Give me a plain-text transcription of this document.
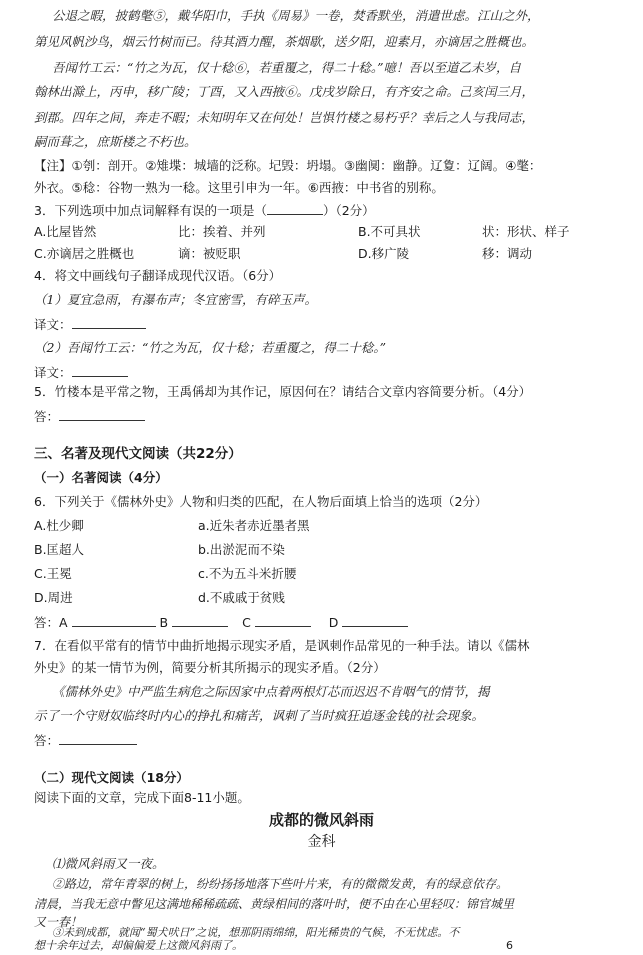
公退之暇，披鹤氅⑤，戴华阳巾，手执《周易》一卷，焚香默坐，消遣世虑。江山之外，
第见风帆沙鸟，烟云竹树而已。待其酒力醒，茶烟歇，送夕阳，迎素月，亦谪居之胜概也。
吾闻竹工云：“竹之为瓦，仅十稔⑥，若重覆之，得二十稔。”噫！吾以至道乙未岁，自
翰林出滁上，丙申，移广陵；丁酉，又入西掖⑥。戊戌岁除日，有齐安之命。己亥闰三月，
到郡。四年之间，奔走不暇；未知明年又在何处！岂惧竹楼之易朽乎？幸后之人与我同志，
嗣而葺之，庶斯楼之不朽也。
【注】①刳：剖开。②雉堞：城墙的泛称。圮毁：坍塌。③幽阒：幽静。辽夐：辽阔。④氅：
外衣。⑤稔：谷物一熟为一稔。这里引申为一年。⑥西掖：中书省的别称。
3．下列选项中加点词解释有误的一项是（	）（2分）
A.比屋皆然	比：挨着、并列	B.不可具状	状：形状、样子
C.亦谪居之胜概也	谪：被贬职	D.移广陵	移：调动
4．将文中画线句子翻译成现代汉语。（6分）
（1）夏宜急雨，有瀑布声；冬宜密雪，有碎玉声。
译文：
（2）吾闻竹工云：“竹之为瓦，仅十稔；若重覆之，得二十稔。”
译文：
5．竹楼本是平常之物，王禹偁却为其作记，原因何在？请结合文章内容简要分析。（4分）
答：
三、名著及现代文阅读（共22分）
（一）名著阅读（4分）
6．下列关于《儒林外史》人物和归类的匹配，在人物后面填上恰当的选项（2分）
A.杜少卿	a.近朱者赤近墨者黑
B.匡超人	b.出淤泥而不染
C.王冕	c.不为五斗米折腰
D.周进	d.不戚戚于贫贱
答：A	B	C	D
7．在看似平常有的情节中曲折地揭示现实矛盾，是讽刺作品常见的一种手法。请以《儒林
外史》的某一情节为例，简要分析其所揭示的现实矛盾。（2分）
《儒林外史》中严监生病危之际因家中点着两根灯芯而迟迟不肯咽气的情节，揭
示了一个守财奴临终时内心的挣扎和痛苦，讽刺了当时疯狂追逐金钱的社会现象。
答：
（二）现代文阅读（18分）
阅读下面的文章，完成下面8-11小题。
成都的微风斜雨
金科
⑴微风斜雨又一夜。
②路边，常年青翠的树上，纷纷扬扬地落下些叶片来，有的微微发黄，有的绿意依存。
清晨，当我无意中瞥见这满地稀稀疏疏、黄绿相间的落叶时，便不由在心里轻叹：锦官城里
又一春！
③未到成都，就闻“蜀犬吠日”之说，想那阴雨绵绵，阳光稀贵的气候，不无忧虑。不
想十余年过去，却偏偏爱上这微风斜雨了。	6
